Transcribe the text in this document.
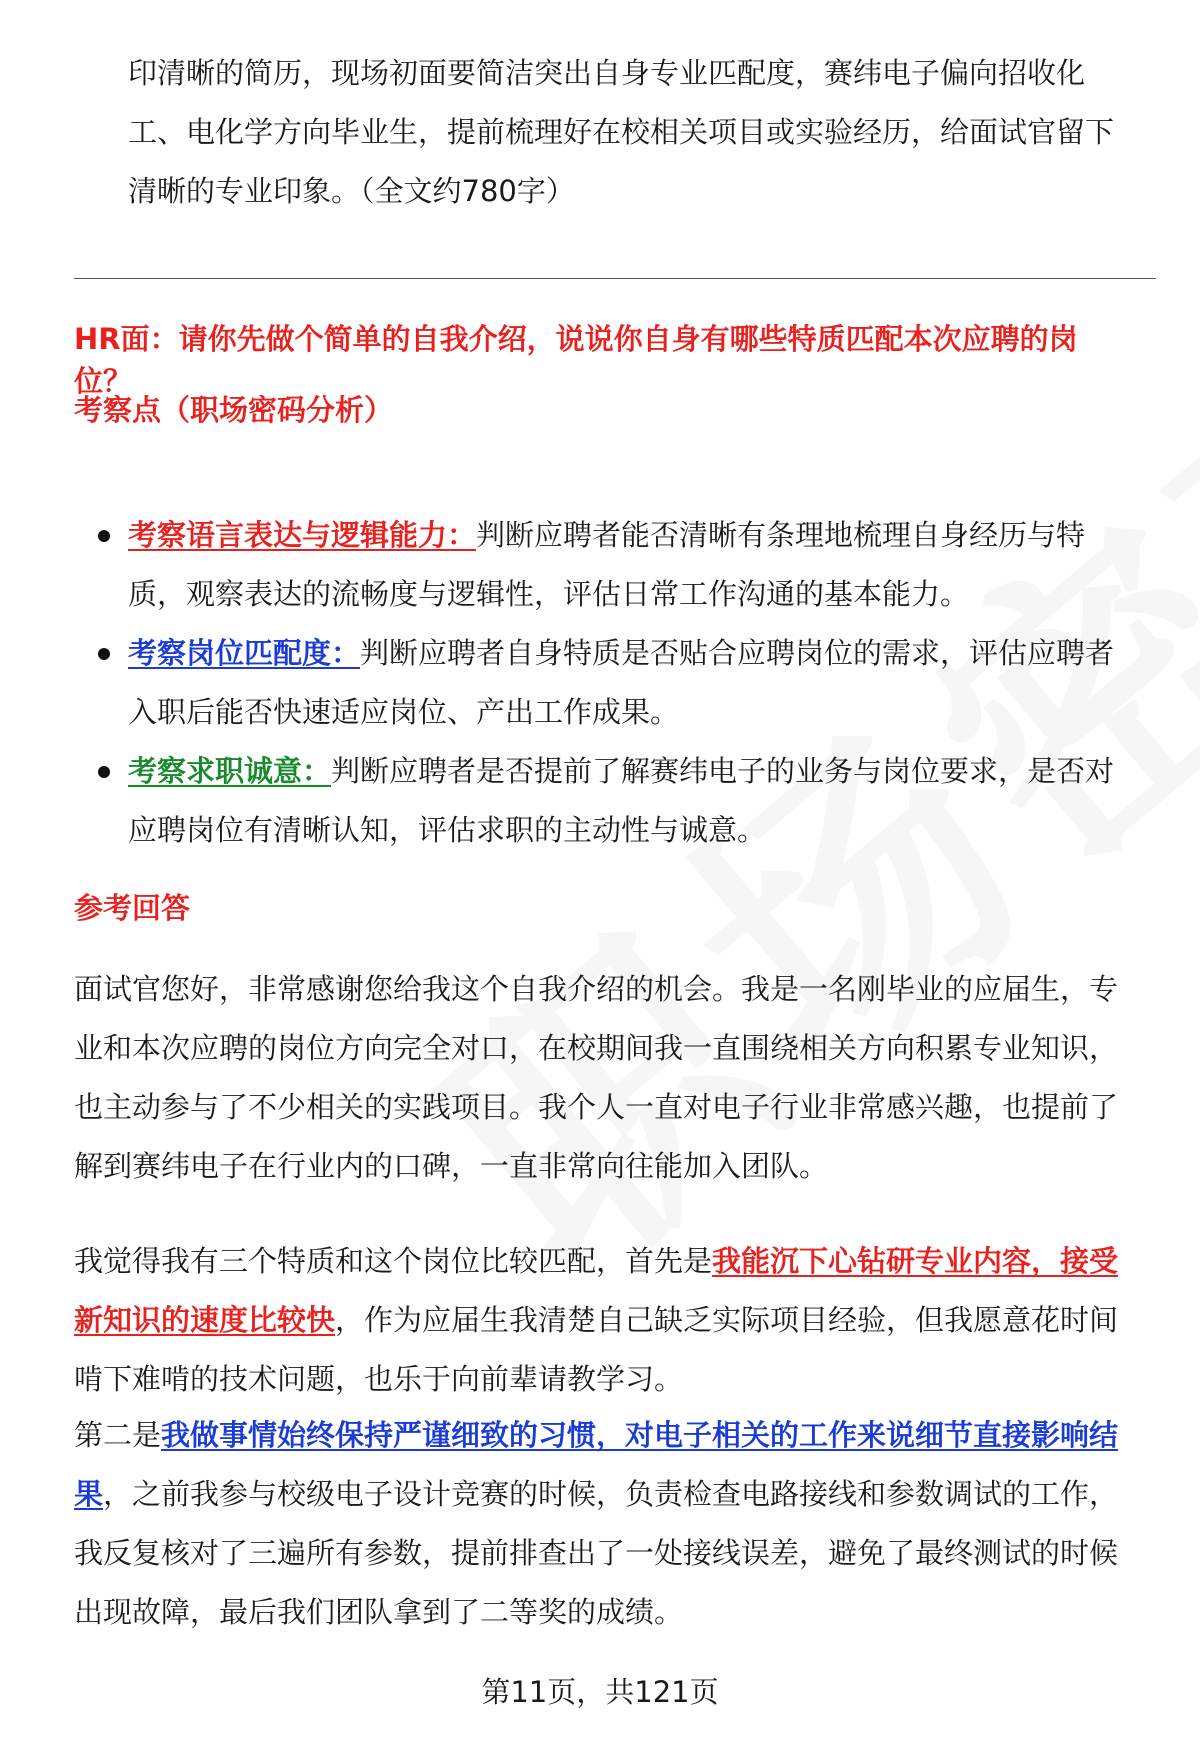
印清晰的简历，现场初面要简洁突出自身专业匹配度，赛纬电子偏向招收化
工、电化学方向毕业生，提前梳理好在校相关项目或实验经历，给面试官留下
清晰的专业印象。（全文约780字）

HR面：请你先做个简单的自我介绍，说说你自身有哪些特质匹配本次应聘的岗
位？

考察点（职场密码分析）

考察语言表达与逻辑能力：判断应聘者能否清晰有条理地梳理自身经历与特
质，观察表达的流畅度与逻辑性，评估日常工作沟通的基本能力。

考察岗位匹配度：判断应聘者自身特质是否贴合应聘岗位的需求，评估应聘者
入职后能否快速适应岗位、产出工作成果。

考察求职诚意：判断应聘者是否提前了解赛纬电子的业务与岗位要求，是否对
应聘岗位有清晰认知，评估求职的主动性与诚意。

参考回答

面试官您好，非常感谢您给我这个自我介绍的机会。我是一名刚毕业的应届生，专
业和本次应聘的岗位方向完全对口，在校期间我一直围绕相关方向积累专业知识，
也主动参与了不少相关的实践项目。我个人一直对电子行业非常感兴趣，也提前了
解到赛纬电子在行业内的口碑，一直非常向往能加入团队。

我觉得我有三个特质和这个岗位比较匹配，首先是我能沉下心钻研专业内容，接受
新知识的速度比较快，作为应届生我清楚自己缺乏实际项目经验，但我愿意花时间
啃下难啃的技术问题，也乐于向前辈请教学习。

第二是我做事情始终保持严谨细致的习惯，对电子相关的工作来说细节直接影响结
果，之前我参与校级电子设计竞赛的时候，负责检查电路接线和参数调试的工作，
我反复核对了三遍所有参数，提前排查出了一处接线误差，避免了最终测试的时候
出现故障，最后我们团队拿到了二等奖的成绩。

第11页，共121页
